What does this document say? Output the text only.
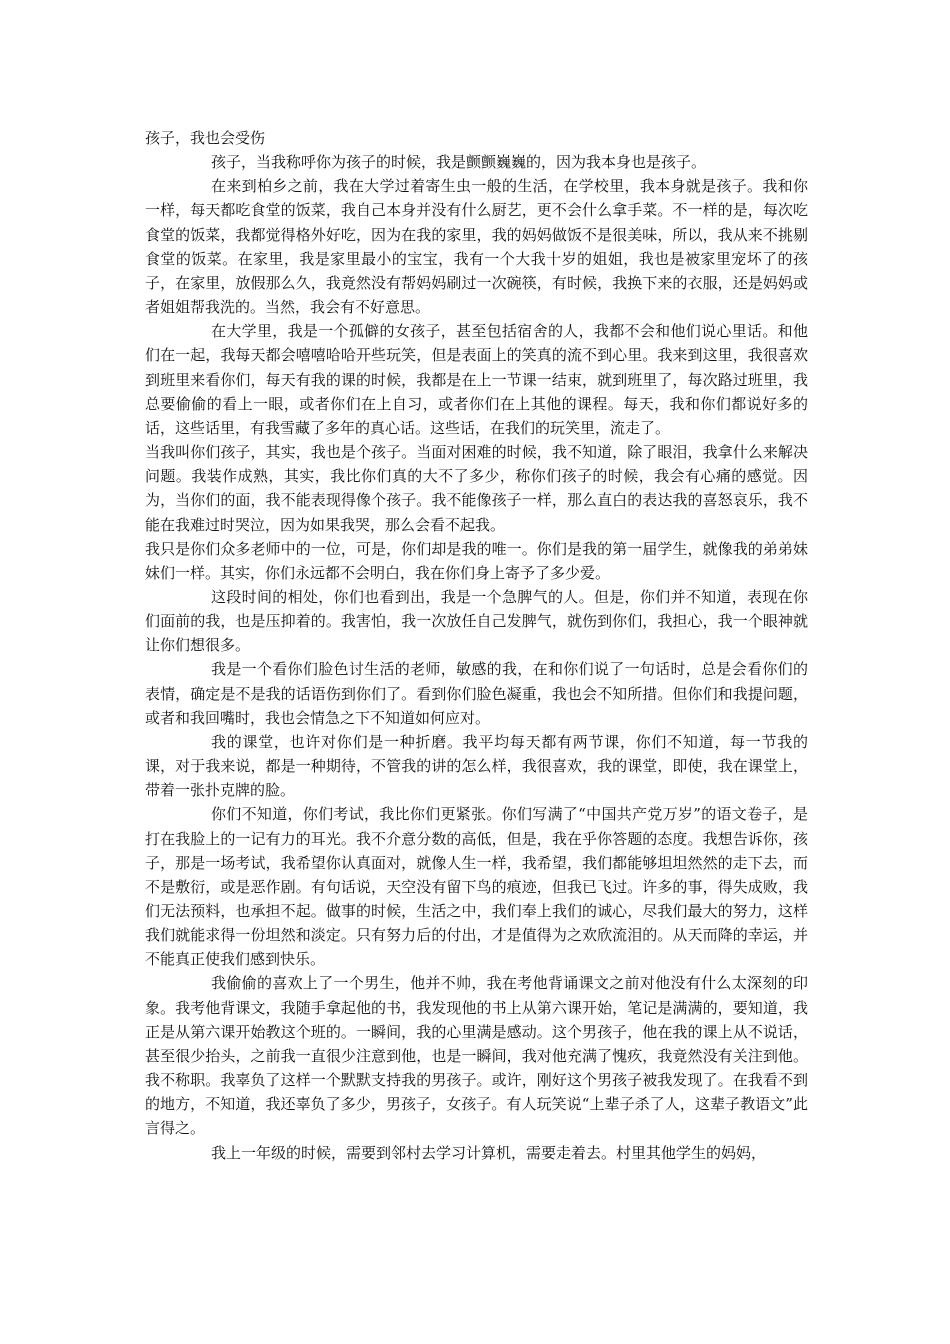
孩子，我也会受伤

孩子，当我称呼你为孩子的时候，我是颤颤巍巍的，因为我本身也是孩子。

在来到柏乡之前，我在大学过着寄生虫一般的生活，在学校里，我本身就是孩子。我和你一样，每天都吃食堂的饭菜，我自己本身并没有什么厨艺，更不会什么拿手菜。不一样的是，每次吃食堂的饭菜，我都觉得格外好吃，因为在我的家里，我的妈妈做饭不是很美味，所以，我从来不挑剔食堂的饭菜。在家里，我是家里最小的宝宝，我有一个大我十岁的姐姐，我也是被家里宠坏了的孩子，在家里，放假那么久，我竟然没有帮妈妈刷过一次碗筷，有时候，我换下来的衣服，还是妈妈或者姐姐帮我洗的。当然，我会有不好意思。

在大学里，我是一个孤僻的女孩子，甚至包括宿舍的人，我都不会和他们说心里话。和他们在一起，我每天都会嘻嘻哈哈开些玩笑，但是表面上的笑真的流不到心里。我来到这里，我很喜欢到班里来看你们，每天有我的课的时候，我都是在上一节课一结束，就到班里了，每次路过班里，我总要偷偷的看上一眼，或者你们在上自习，或者你们在上其他的课程。每天，我和你们都说好多的话，这些话里，有我雪藏了多年的真心话。这些话，在我们的玩笑里，流走了。

当我叫你们孩子，其实，我也是个孩子。当面对困难的时候，我不知道，除了眼泪，我拿什么来解决问题。我装作成熟，其实，我比你们真的大不了多少，称你们孩子的时候，我会有心痛的感觉。因为，当你们的面，我不能表现得像个孩子。我不能像孩子一样，那么直白的表达我的喜怒哀乐，我不能在我难过时哭泣，因为如果我哭，那么会看不起我。

我只是你们众多老师中的一位，可是，你们却是我的唯一。你们是我的第一届学生，就像我的弟弟妹妹们一样。其实，你们永远都不会明白，我在你们身上寄予了多少爱。

这段时间的相处，你们也看到出，我是一个急脾气的人。但是，你们并不知道，表现在你们面前的我，也是压抑着的。我害怕，我一次放任自己发脾气，就伤到你们，我担心，我一个眼神就让你们想很多。

我是一个看你们脸色讨生活的老师，敏感的我，在和你们说了一句话时，总是会看你们的表情，确定是不是我的话语伤到你们了。看到你们脸色凝重，我也会不知所措。但你们和我提问题，或者和我回嘴时，我也会情急之下不知道如何应对。

我的课堂，也许对你们是一种折磨。我平均每天都有两节课，你们不知道，每一节我的课，对于我来说，都是一种期待，不管我的讲的怎么样，我很喜欢，我的课堂，即使，我在课堂上，带着一张扑克牌的脸。

你们不知道，你们考试，我比你们更紧张。你们写满了“中国共产党万岁”的语文卷子，是打在我脸上的一记有力的耳光。我不介意分数的高低，但是，我在乎你答题的态度。我想告诉你，孩子，那是一场考试，我希望你认真面对，就像人生一样，我希望，我们都能够坦坦然然的走下去，而不是敷衍，或是恶作剧。有句话说，天空没有留下鸟的痕迹，但我已飞过。许多的事，得失成败，我们无法预料，也承担不起。做事的时候，生活之中，我们奉上我们的诚心，尽我们最大的努力，这样我们就能求得一份坦然和淡定。只有努力后的付出，才是值得为之欢欣流泪的。从天而降的幸运，并不能真正使我们感到快乐。

我偷偷的喜欢上了一个男生，他并不帅，我在考他背诵课文之前对他没有什么太深刻的印象。我考他背课文，我随手拿起他的书，我发现他的书上从第六课开始，笔记是满满的，要知道，我正是从第六课开始教这个班的。一瞬间，我的心里满是感动。这个男孩子，他在我的课上从不说话，甚至很少抬头，之前我一直很少注意到他，也是一瞬间，我对他充满了愧疚，我竟然没有关注到他。我不称职。我辜负了这样一个默默支持我的男孩子。或许，刚好这个男孩子被我发现了。在我看不到的地方，不知道，我还辜负了多少，男孩子，女孩子。有人玩笑说“上辈子杀了人，这辈子教语文”此言得之。

我上一年级的时候，需要到邻村去学习计算机，需要走着去。村里其他学生的妈妈，
